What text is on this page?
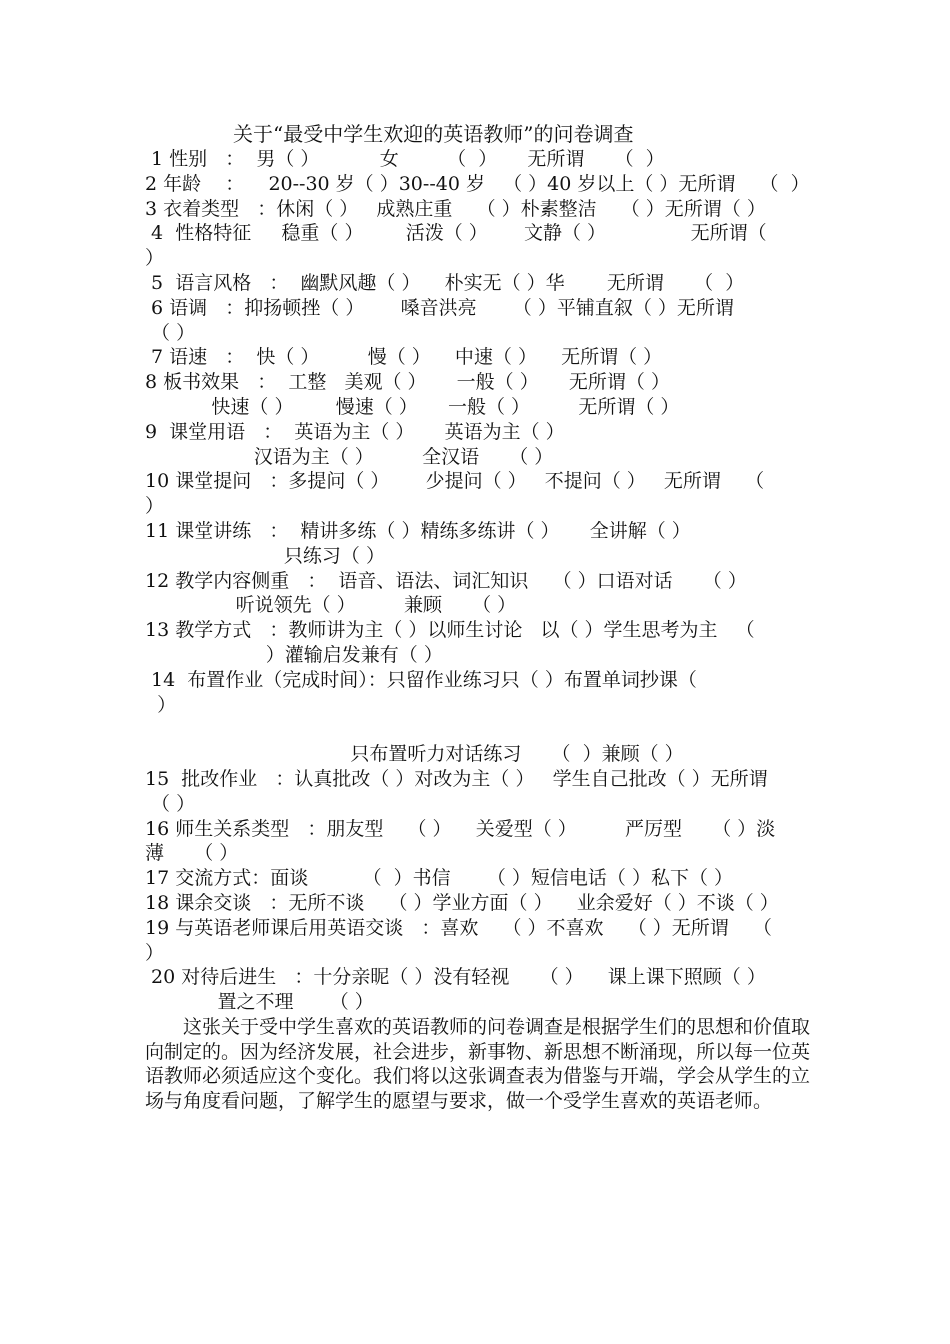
关于“最受中学生欢迎的英语教师”的问卷调查
1 性别   ：  男（ ）          女        （  ）     无所谓     （  ）
2 年龄    ：    20--30 岁（ ）30--40 岁   （ ）40 岁以上（ ）无所谓    （  ）
3 衣着类型   ：休闲（ ）   成熟庄重    （ ）朴素整洁    （ ）无所谓（ ）
4  性格特征     稳重（ ）       活泼（ ）      文静（ ）              无所谓（
）
5  语言风格   ：  幽默风趣（ ）    朴实无（ ）华       无所谓     （  ）
6 语调   ：抑扬顿挫（ ）      嗓音洪亮      （ ）平铺直叙（ ）无所谓
（ ）
7 语速   ：  快（ ）        慢（ ）    中速（ ）    无所谓（ ）
8 板书效果   ：  工整   美观（ ）     一般（ ）     无所谓（ ）
快速（ ）       慢速（ ）     一般（ ）        无所谓（ ）
9  课堂用语   ：  英语为主（ ）     英语为主（ ）
汉语为主（ ）        全汉语     （ ）
10 课堂提问   ：多提问（ ）      少提问（ ）   不提问（ ）   无所谓    （
）
11 课堂讲练   ：  精讲多练（ ）精练多练讲（ ）     全讲解（ ）
只练习（ ）
12 教学内容侧重   ：  语音、语法、词汇知识    （ ）口语对话     （ ）
听说领先（ ）        兼顾     （ ）
13 教学方式   ：教师讲为主（ ）以师生讨论   以（ ）学生思考为主   （
）灌输启发兼有（ ）
14  布置作业（完成时间）：只留作业练习只（ ）布置单词抄课（
）
只布置听力对话练习     （  ）兼顾（ ）
15  批改作业   ：认真批改（ ）对改为主（ ）   学生自己批改（ ）无所谓
（ ）
16 师生关系类型   ：朋友型    （ ）    关爱型（ ）        严厉型     （ ）淡
薄     （ ）
17 交流方式：面谈         （  ）书信      （ ）短信电话（ ）私下（ ）
18 课余交谈   ：无所不谈    （ ）学业方面（ ）    业余爱好（ ）不谈（ ）
19 与英语老师课后用英语交谈   ：喜欢    （ ）不喜欢    （ ）无所谓    （
）
20 对待后进生   ：十分亲昵（ ）没有轻视     （ ）    课上课下照顾（ ）
置之不理      （ ）

这张关于受中学生喜欢的英语教师的问卷调查是根据学生们的思想和价值取向制定的。因为经济发展，社会进步，新事物、新思想不断涌现，所以每一位英语教师必须适应这个变化。我们将以这张调查表为借鉴与开端，学会从学生的立场与角度看问题，了解学生的愿望与要求，做一个受学生喜欢的英语老师。
